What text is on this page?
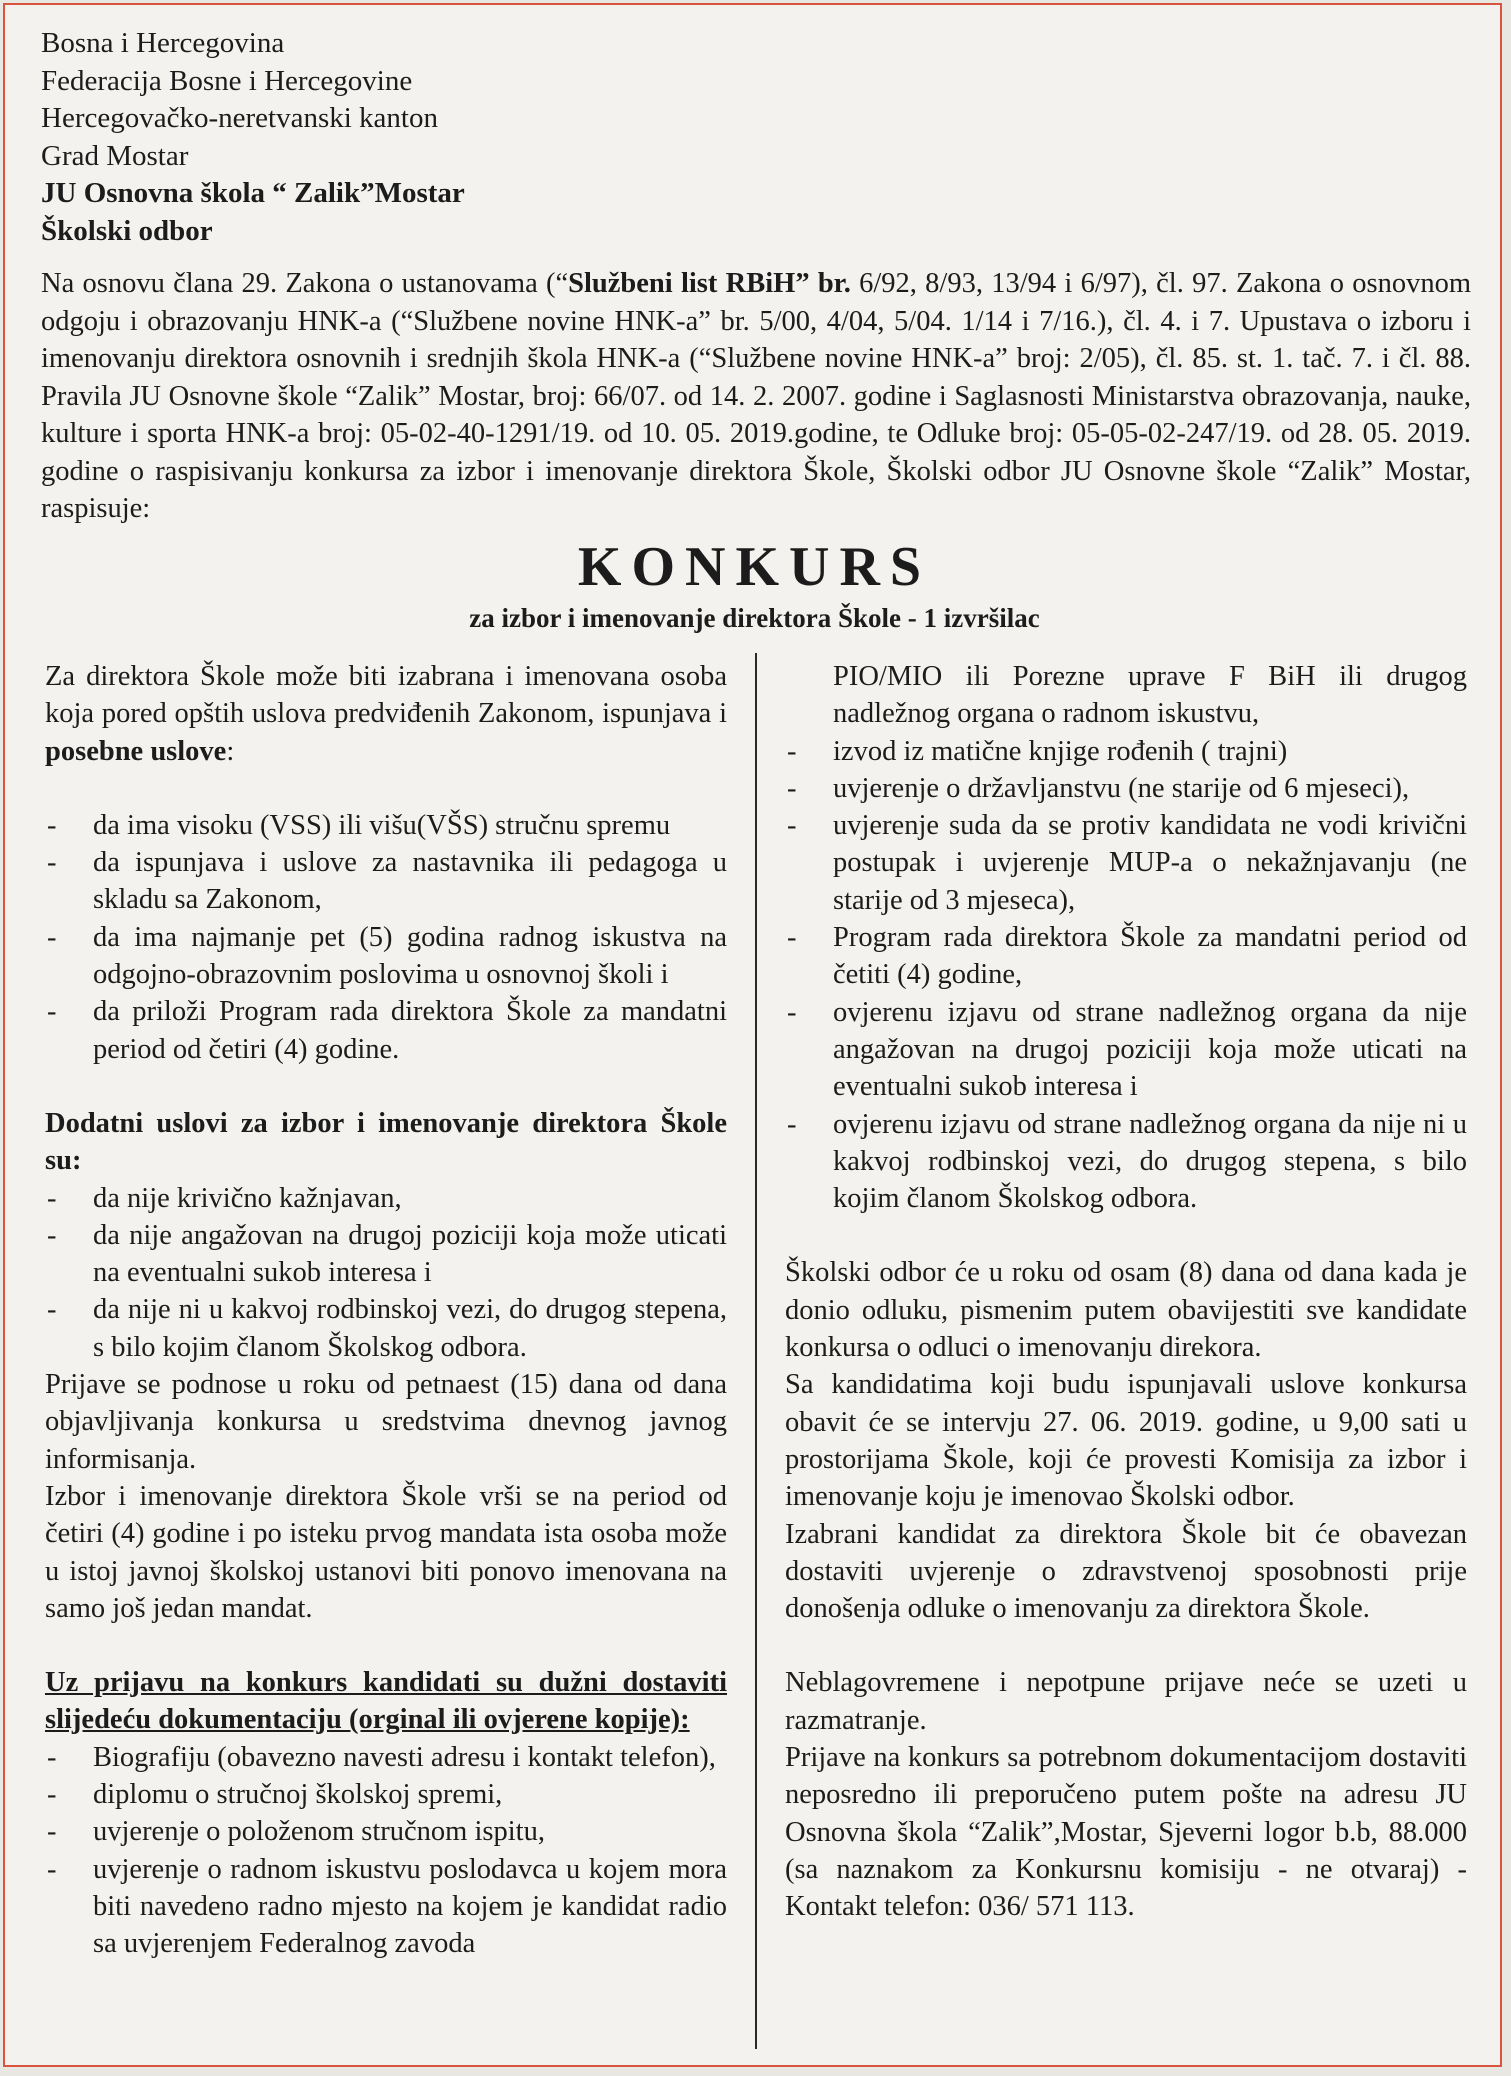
Bosna i Hercegovina
Federacija Bosne i Hercegovine
Hercegovačko-neretvanski kanton
Grad Mostar
JU Osnovna škola “ Zalik”Mostar
Školski odbor

Na osnovu člana 29. Zakona o ustanovama (“Službeni list RBiH” br. 6/92, 8/93, 13/94 i 6/97), čl. 97. Zakona o osnovnom odgoju i obrazovanju HNK-a (“Službene novine HNK-a” br. 5/00, 4/04, 5/04. 1/14 i 7/16.), čl. 4. i 7. Upustava o izboru i imenovanju direktora osnovnih i srednjih škola HNK-a (“Službene novine HNK-a” broj: 2/05), čl. 85. st. 1. tač. 7. i čl. 88. Pravila JU Osnovne škole “Zalik” Mostar, broj: 66/07. od 14. 2. 2007. godine i Saglasnosti Ministarstva obrazovanja, nauke, kulture i sporta HNK-a broj: 05-02-40-1291/19. od 10. 05. 2019.godine, te Odluke broj: 05-05-02-247/19. od 28. 05. 2019. godine o raspisivanju konkursa za izbor i imenovanje direktora Škole, Školski odbor JU Osnovne škole “Zalik” Mostar, raspisuje:

KONKURS
za izbor i imenovanje direktora Škole - 1 izvršilac

Za direktora Škole može biti izabrana i imenovana osoba koja pored opštih uslova predviđenih Zakonom, ispunjava i posebne uslove:

- da ima visoku (VSS) ili višu(VŠS) stručnu spremu
- da ispunjava i uslove za nastavnika ili pedagoga u skladu sa Zakonom,
- da ima najmanje pet (5) godina radnog iskustva na odgojno-obrazovnim poslovima u osnovnoj školi i
- da priloži Program rada direktora Škole za mandatni period od četiri (4) godine.

Dodatni uslovi za izbor i imenovanje direktora Škole su:

- da nije krivično kažnjavan,
- da nije angažovan na drugoj poziciji koja može uticati na eventualni sukob interesa i
- da nije ni u kakvoj rodbinskoj vezi, do drugog stepena, s bilo kojim članom Školskog odbora.

Prijave se podnose u roku od petnaest (15) dana od dana objavljivanja konkursa u sredstvima dnevnog javnog informisanja.

Izbor i imenovanje direktora Škole vrši se na period od četiri (4) godine i po isteku prvog mandata ista osoba može u istoj javnoj školskoj ustanovi biti ponovo imenovana na samo još jedan mandat.

Uz prijavu na konkurs kandidati su dužni dostaviti slijedeću dokumentaciju (orginal ili ovjerene kopije):

- Biografiju (obavezno navesti adresu i kontakt telefon),
- diplomu o stručnoj školskoj spremi,
- uvjerenje o položenom stručnom ispitu,
- uvjerenje o radnom iskustvu poslodavca u kojem mora biti navedeno radno mjesto na kojem je kandidat radio sa uvjerenjem Federalnog zavoda

PIO/MIO ili Porezne uprave F BiH ili drugog nadležnog organa o radnom iskustvu,

- izvod iz matične knjige rođenih ( trajni)
- uvjerenje o državljanstvu (ne starije od 6 mjeseci),
- uvjerenje suda da se protiv kandidata ne vodi krivični postupak i uvjerenje MUP-a o nekažnjavanju (ne starije od 3 mjeseca),
- Program rada direktora Škole za mandatni period od četiti (4) godine,
- ovjerenu izjavu od strane nadležnog organa da nije angažovan na drugoj poziciji koja može uticati na eventualni sukob interesa i
- ovjerenu izjavu od strane nadležnog organa da nije ni u kakvoj rodbinskoj vezi, do drugog stepena, s bilo kojim članom Školskog odbora.

Školski odbor će u roku od osam (8) dana od dana kada je donio odluku, pismenim putem obavijestiti sve kandidate konkursa o odluci o imenovanju direkora.

Sa kandidatima koji budu ispunjavali uslove konkursa obavit će se intervju 27. 06. 2019. godine, u 9,00 sati u prostorijama Škole, koji će provesti Komisija za izbor i imenovanje koju je imenovao Školski odbor.

Izabrani kandidat za direktora Škole bit će obavezan dostaviti uvjerenje o zdravstvenoj sposobnosti prije donošenja odluke o imenovanju za direktora Škole.

Neblagovremene i nepotpune prijave neće se uzeti u razmatranje.

Prijave na konkurs sa potrebnom dokumentacijom dostaviti neposredno ili preporučeno putem pošte na adresu JU Osnovna škola “Zalik”,Mostar, Sjeverni logor b.b, 88.000 (sa naznakom za Konkursnu komisiju - ne otvaraj) -Kontakt telefon: 036/ 571 113.
